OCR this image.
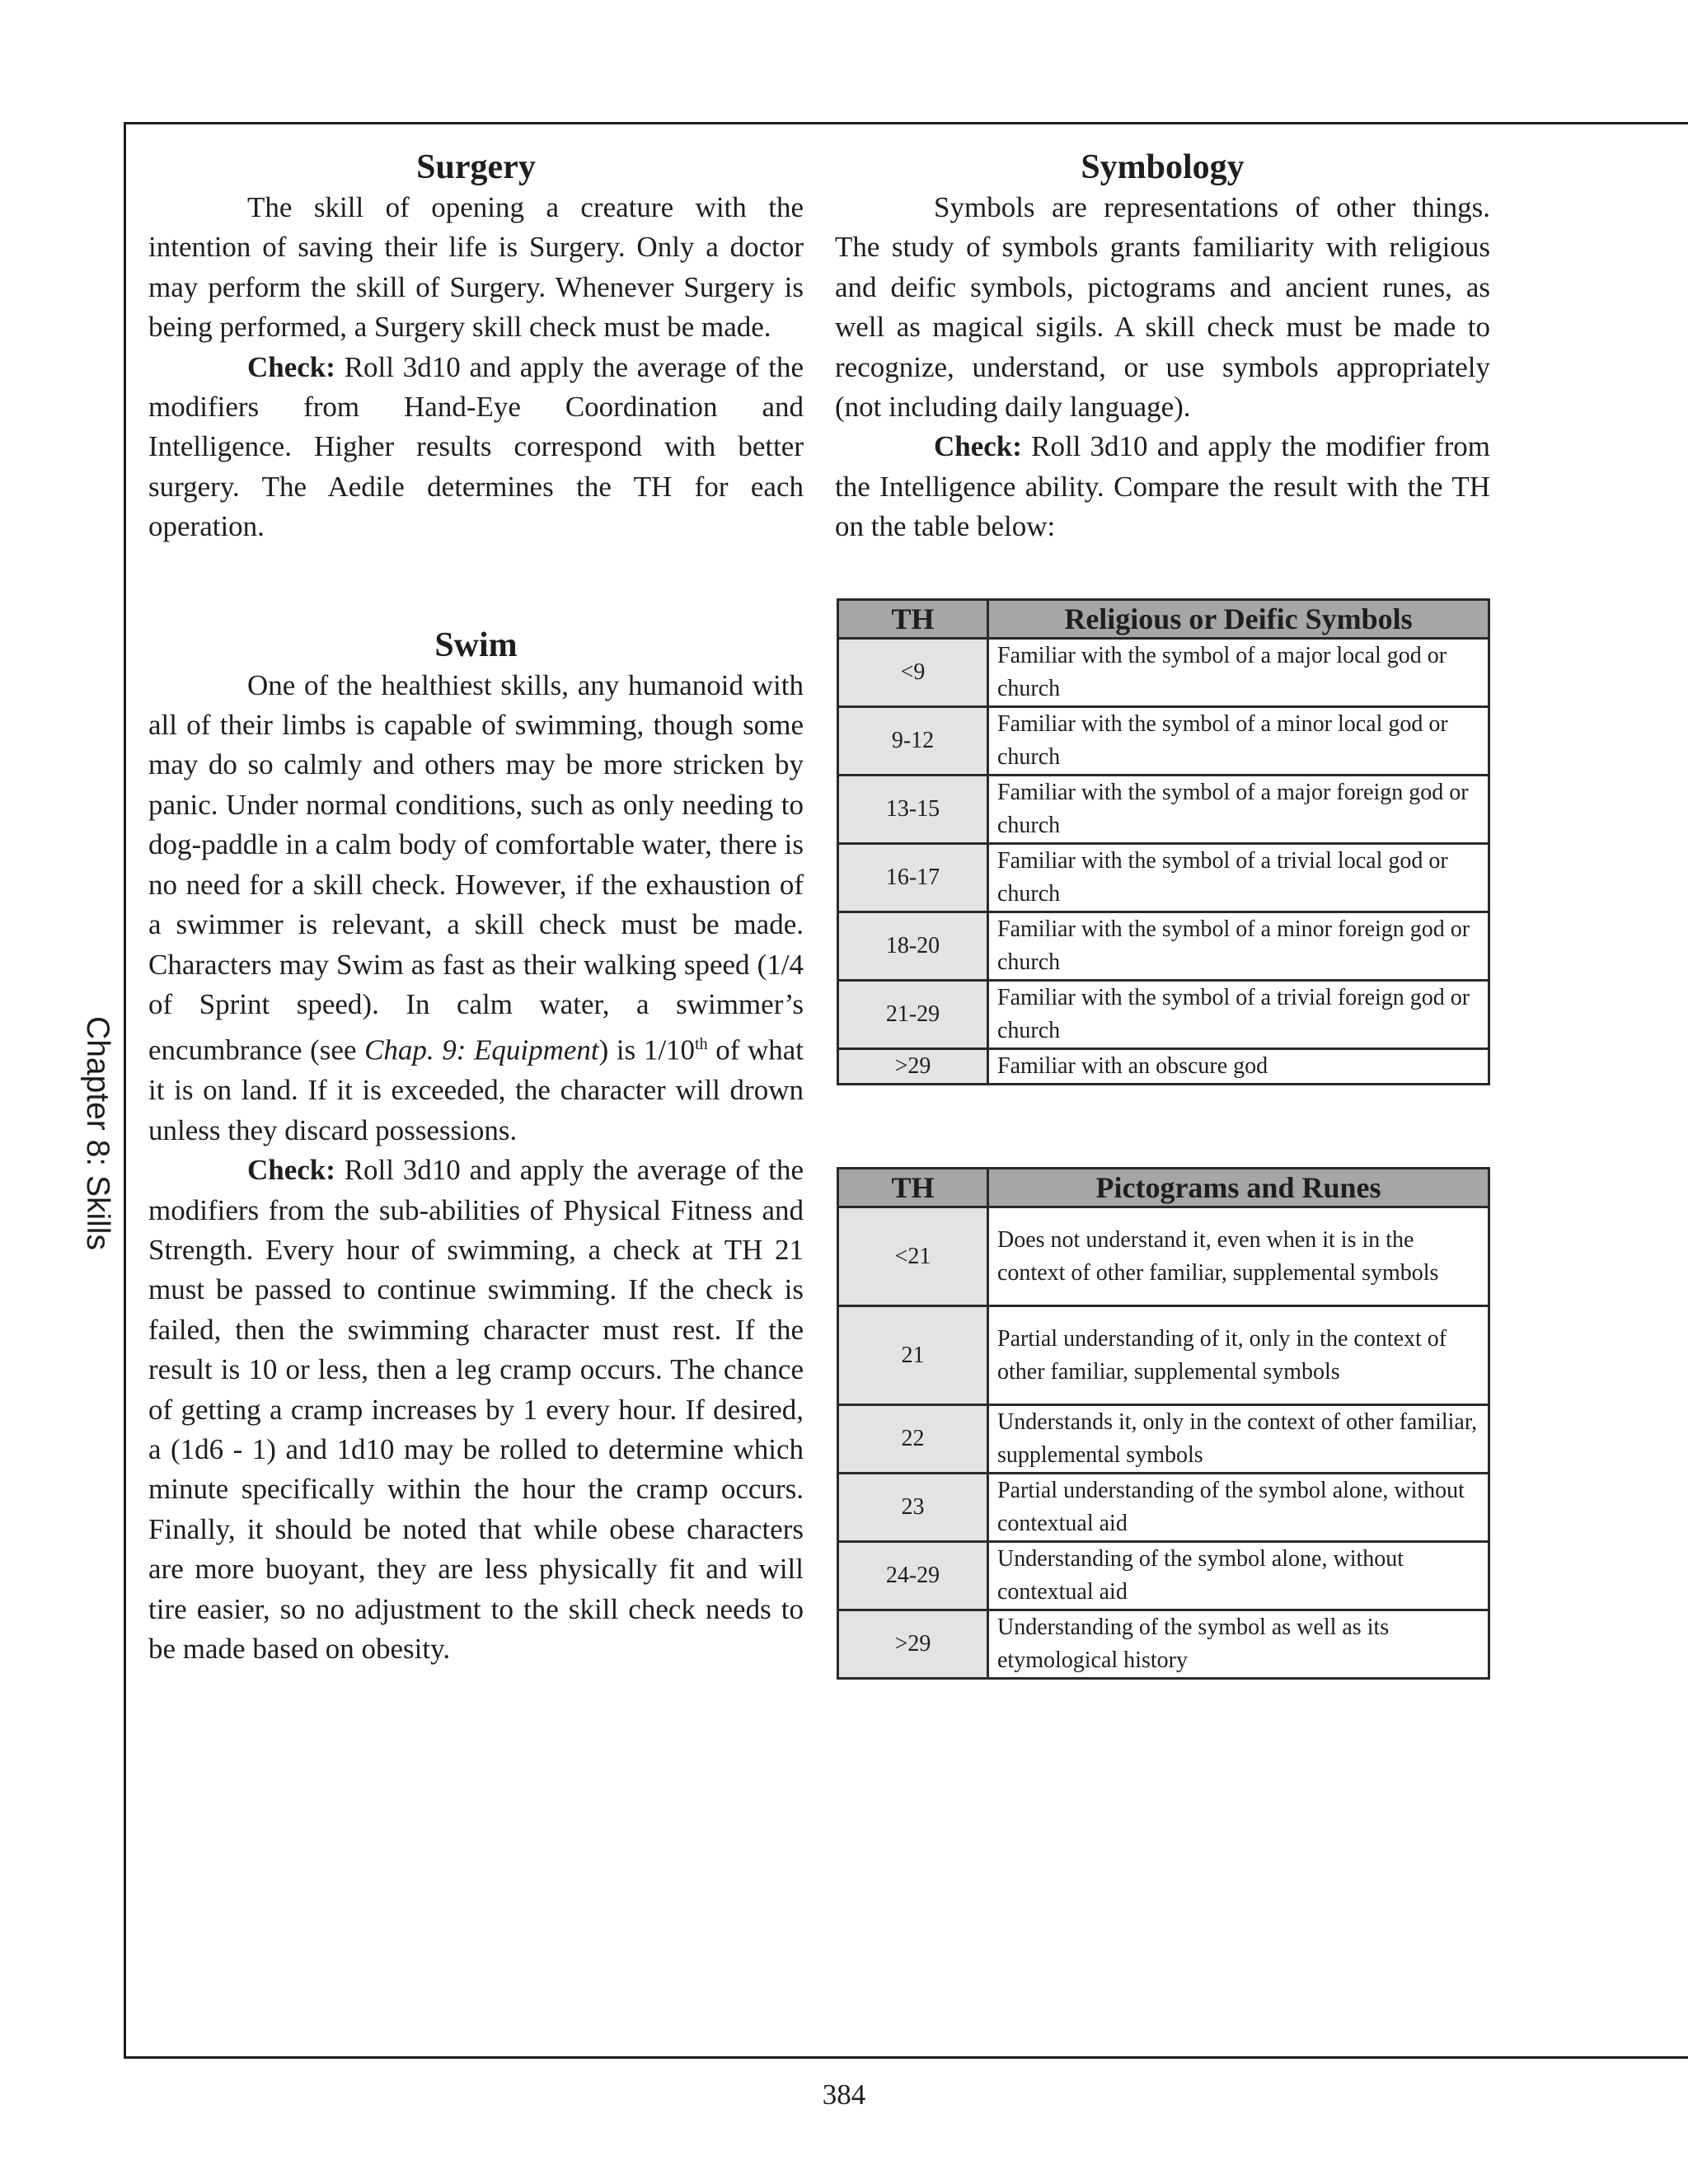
Chapter 8: Skills
Surgery

The skill of opening a creature with the intention of saving their life is Surgery. Only a doctor may perform the skill of Surgery. Whenever Surgery is being performed, a Surgery skill check must be made.

Check: Roll 3d10 and apply the average of the modifiers from Hand-Eye Coordination and Intelligence. Higher results correspond with better surgery. The Aedile determines the TH for each operation.

Swim

One of the healthiest skills, any humanoid with all of their limbs is capable of swimming, though some may do so calmly and others may be more stricken by panic. Under normal conditions, such as only needing to dog-paddle in a calm body of comfortable water, there is no need for a skill check. However, if the exhaustion of a swimmer is relevant, a skill check must be made. Characters may Swim as fast as their walking speed (1/4 of Sprint speed). In calm water, a swimmer’s encumbrance (see Chap. 9: Equipment) is 1/10th of what it is on land. If it is exceeded, the character will drown unless they discard possessions.

Check: Roll 3d10 and apply the average of the modifiers from the sub-abilities of Physical Fitness and Strength. Every hour of swimming, a check at TH 21 must be passed to continue swimming. If the check is failed, then the swimming character must rest. If the result is 10 or less, then a leg cramp occurs. The chance of getting a cramp increases by 1 every hour. If desired, a (1d6 - 1) and 1d10 may be rolled to determine which minute specifically within the hour the cramp occurs. Finally, it should be noted that while obese characters are more buoyant, they are less physically fit and will tire easier, so no adjustment to the skill check needs to be made based on obesity.

Symbology

Symbols are representations of other things. The study of symbols grants familiarity with religious and deific symbols, pictograms and ancient runes, as well as magical sigils. A skill check must be made to recognize, understand, or use symbols appropriately (not including daily language).

Check: Roll 3d10 and apply the modifier from the Intelligence ability. Compare the result with the TH on the table below:

TH	Religious or Deific Symbols
<9	Familiar with the symbol of a major local god or church
9-12	Familiar with the symbol of a minor local god or church
13-15	Familiar with the symbol of a major foreign god or church
16-17	Familiar with the symbol of a trivial local god or church
18-20	Familiar with the symbol of a minor foreign god or church
21-29	Familiar with the symbol of a trivial foreign god or church
>29	Familiar with an obscure god
TH	Pictograms and Runes
<21	Does not understand it, even when it is in the context of other familiar, supplemental symbols
21	Partial understanding of it, only in the context of other familiar, supplemental symbols
22	Understands it, only in the context of other familiar, supplemental symbols
23	Partial understanding of the symbol alone, without contextual aid
24-29	Understanding of the symbol alone, without contextual aid
>29	Understanding of the symbol as well as its etymological history
384
